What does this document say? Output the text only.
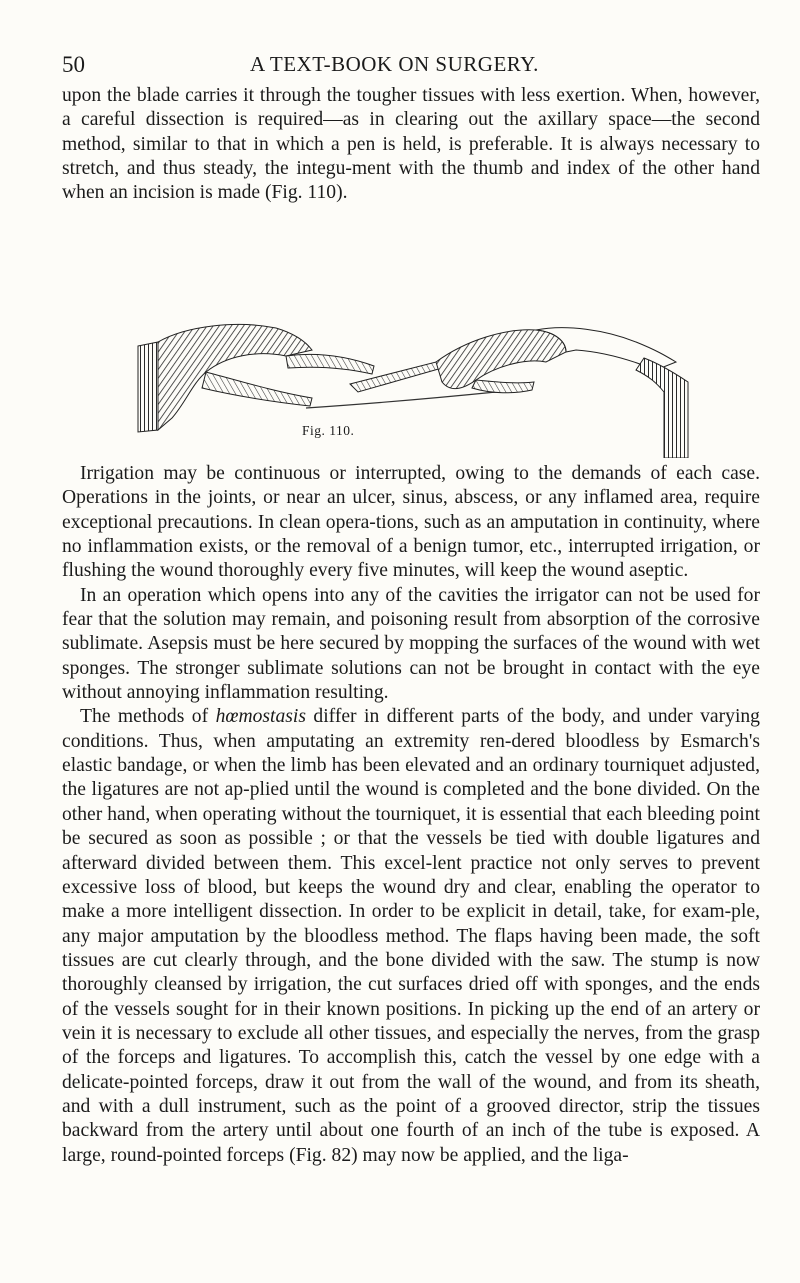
50	A TEXT-BOOK ON SURGERY.

upon the blade carries it through the tougher tissues with less exertion. When, however, a careful dissection is required—as in clearing out the axillary space—the second method, similar to that in which a pen is held, is preferable. It is always necessary to stretch, and thus steady, the integu-ment with the thumb and index of the other hand when an incision is made (Fig. 110).

Fig. 110.

Irrigation may be continuous or interrupted, owing to the demands of each case. Operations in the joints, or near an ulcer, sinus, abscess, or any inflamed area, require exceptional precautions. In clean opera-tions, such as an amputation in continuity, where no inflammation exists, or the removal of a benign tumor, etc., interrupted irrigation, or flushing the wound thoroughly every five minutes, will keep the wound aseptic.

In an operation which opens into any of the cavities the irrigator can not be used for fear that the solution may remain, and poisoning result from absorption of the corrosive sublimate. Asepsis must be here secured by mopping the surfaces of the wound with wet sponges. The stronger sublimate solutions can not be brought in contact with the eye without annoying inflammation resulting.

The methods of hœmostasis differ in different parts of the body, and under varying conditions. Thus, when amputating an extremity ren-dered bloodless by Esmarch's elastic bandage, or when the limb has been elevated and an ordinary tourniquet adjusted, the ligatures are not ap-plied until the wound is completed and the bone divided. On the other hand, when operating without the tourniquet, it is essential that each bleeding point be secured as soon as possible ; or that the vessels be tied with double ligatures and afterward divided between them. This excel-lent practice not only serves to prevent excessive loss of blood, but keeps the wound dry and clear, enabling the operator to make a more intelligent dissection. In order to be explicit in detail, take, for exam-ple, any major amputation by the bloodless method. The flaps having been made, the soft tissues are cut clearly through, and the bone divided with the saw. The stump is now thoroughly cleansed by irrigation, the cut surfaces dried off with sponges, and the ends of the vessels sought for in their known positions. In picking up the end of an artery or vein it is necessary to exclude all other tissues, and especially the nerves, from the grasp of the forceps and ligatures. To accomplish this, catch the vessel by one edge with a delicate-pointed forceps, draw it out from the wall of the wound, and from its sheath, and with a dull instrument, such as the point of a grooved director, strip the tissues backward from the artery until about one fourth of an inch of the tube is exposed. A large, round-pointed forceps (Fig. 82) may now be applied, and the liga-
